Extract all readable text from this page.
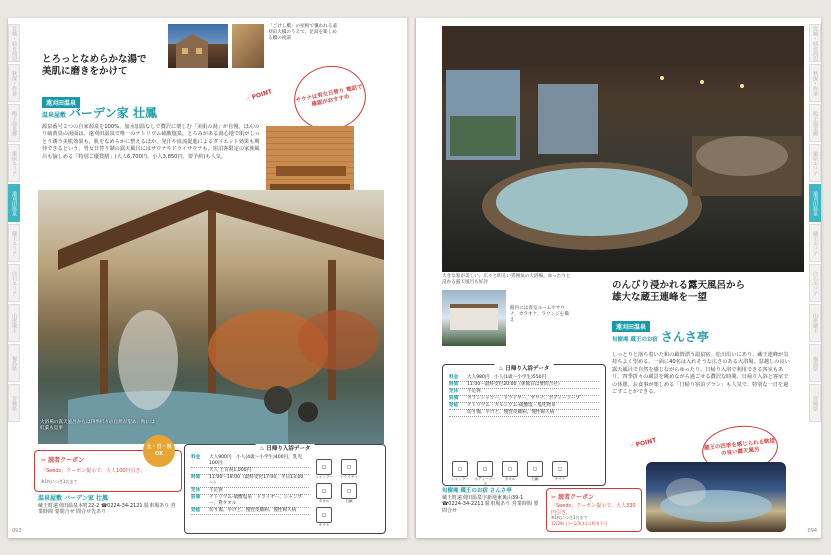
宮城・仙台周辺
秋保・作並
鳴子温泉郷
栗原エリア
遠刈田温泉
蔵王エリア
白石エリア
山形蔵王
福島県
宮城県
「ごけし橋」の屋根で覆われる遠刈田大橋のうえで、足湯を楽しめる橋の袂湯
とろっとなめらかな湯で
美肌に磨きをかけて
遠刈田温泉
温泉屋敷 バーデン家 壮鳳
☝ POINT	サウナは男女日替り 電話で確認がおすすめ
源泉番号２つの自家源泉を100%、加水加温なしで贅沢に楽しむ「美肌の湯」が自慢。ほんのり硫黄臭の湯面は、遠刈田温泉で唯一のナトリウム硫酸塩泉。とろみがある湯心地で肌がしっとり潤う美肌効果も。肌をなめらかに整えるほか、発汗や血流促進によるダイエット効果も期待できるという。男女日替り制の露天風呂にはサウナやドライサウナも。宿泊客限定の家族風呂も愉しめる「特別ご優賞膳」(大人6,700円、小人3,850円、要予約)も人気。
大浴場の露天風呂からは四季折々の自然が望め、秋には紅葉も見事
✂ 読者クーポン
土・日・祝OK
「Seeds」クーポン提示で、大人100円引き。
※1枚につき1名まで
♨ 日帰り入浴データ
料金	大人900円　小人(4歳～小学生)400円、乳児100円
大人 土日祝1,000円
時間	11:00～18:00（最終受付17:00、平日13:00～）
定休	不定休
設備	ナトリウム-硫酸塩泉　ドライヤー、シャンプー、貸タオル
効能	切り傷、やけど、慢性皮膚病、慢性婦人病
◻
シャンプー
◻
ドライヤー
◻
タオル
◻
石鹸
◻
サウナ
温泉屋敷 バーデン家 壮鳳
蔵王町遠刈田温泉本町22-2 ☎0224-34-2121 駐車場あり 営業時間 要問合せ 問合せ先あり
093
宮城・仙台周辺
秋保・作並
鳴子温泉郷
栗原エリア
遠刈田温泉
蔵王エリア
白石エリア
山形蔵王
福島県
宮城県
大きな窓が美しい、広々と明るい雰囲気の大浴場。ゆったりと浸かる露天風呂も好評
館内には客室ルームやサウナ、カラオケ、ラウンジを備え
のんびり浸かれる露天風呂から
雄大な蔵王連峰を一望
遠刈田温泉
旬樹庵 蔵王のお宿 さんさ亭
しっとりと落ち着いた和の風情漂う温泉宿。松川沿いにあり、蔵王連峰が気持ちよく望める。一面に40名は入れそうな広さのある大浴場。窓越しの良い露天風呂で自然を感じながらゆったり。日帰り入浴で利用できる客室もあり、四季折々の風景を眺めながら過ごせる贅沢な時間。日帰り入浴と客室での休憩、お食事が楽しめる「日帰り宿泊プラン」も人気で、特別な一日を過ごすことができる。
♨ 日帰り入浴データ
料金	大人980円　小人(1歳～小学生)550円
時間	11:00～最終受付20:00（休館日は要問合せ）
定休	不定休
設備	カランシャワー、ドライヤー、サウナ、ボディーソープ
効能	ナトリウム・カルシウム-硫酸塩・塩化物泉
切り傷、やけど、慢性皮膚病、慢性婦人病
◻
シャンプー
◻
ボディーソープ
◻
タオル
◻
石鹸
◻
サウナ
旬樹庵 蔵王のお宿 さんさ亭
蔵王町遠刈田温泉字新地東裏山39-1 ☎0224-34-2211 駐車場あり 営業時間 要問合せ
✂ 読者クーポン
「Seeds」クーポン提示で、大人330円引き。
※1枚につき1名まで
12/29(土)～1/3(木)は利用不可
☝ POINT	蔵王の四季を感じられる眺望の良い露天風呂
094
